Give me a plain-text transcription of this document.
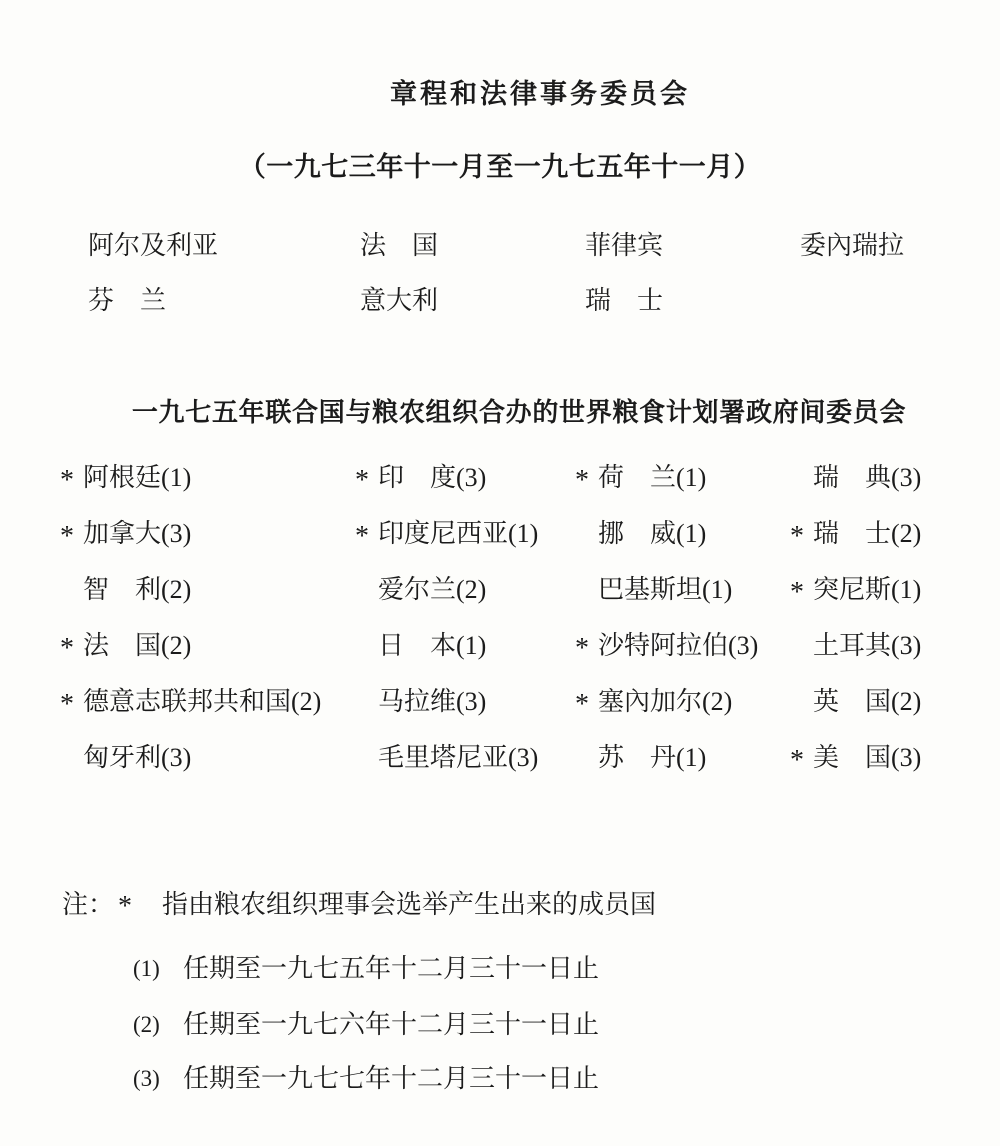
章程和法律事务委员会
（一九七三年十一月至一九七五年十一月）
阿尔及利亚	法　国	菲律宾	委內瑞拉
芬　兰	意大利	瑞　士
一九七五年联合国与粮农组织合办的世界粮食计划署政府间委员会
* 阿根廷(1)	* 印　度(3)	* 荷　兰(1)	瑞　典(3)
* 加拿大(3)	* 印度尼西亚(1) 挪　威(1)	* 瑞　士(2)
智　利(2)	爱尔兰(2)	巴基斯坦(1) * 突尼斯(1)
* 法　国(2)	日　本(1)	* 沙特阿拉伯(3) 土耳其(3)
* 德意志联邦共和国(2) 马拉维(3)	* 塞內加尔(2)	英　国(2)
匈牙利(3)	毛里塔尼亚(3) 苏　丹(1)	* 美　国(3)
注： *	指由粮农组织理事会选举产生出来的成员国
(1) 任期至一九七五年十二月三十一日止
(2) 任期至一九七六年十二月三十一日止
(3) 任期至一九七七年十二月三十一日止
